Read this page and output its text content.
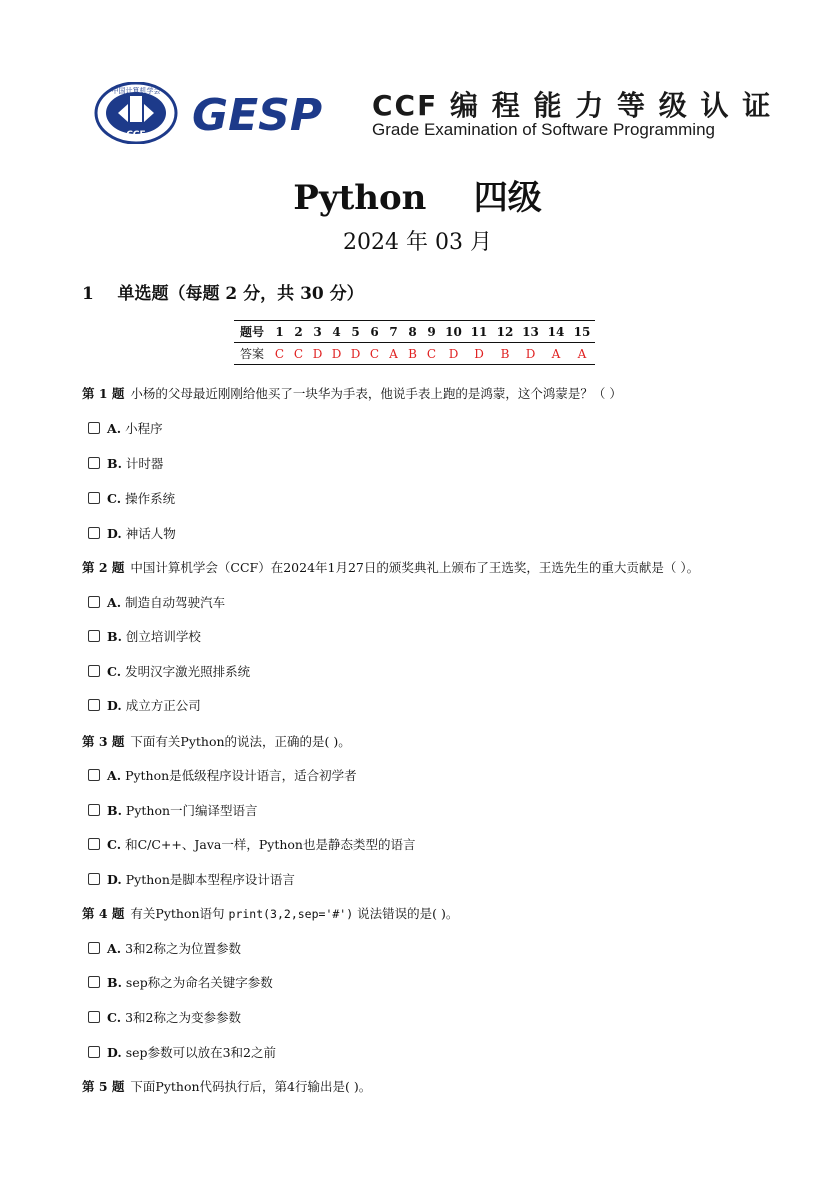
中国计算机学会
CCF GESP CCF 编 程 能 力 等 级 认 证
Grade Examination of Software Programming
Python    四级
2024 年 03 月
1    单选题（每题 2 分，共 30 分）
题号	1	2	3	4	5	6	7	8	9	10	11	12	13	14	15
答案	C	C	D	D	D	C	A	B	C	D	D	B	D	A	A
第 1 题 小杨的父母最近刚刚给他买了一块华为手表，他说手表上跑的是鸿蒙，这个鸿蒙是？（ ）
A. 小程序
B. 计时器
C. 操作系统
D. 神话人物
第 2 题 中国计算机学会（CCF）在2024年1月27日的颁奖典礼上颁布了王选奖，王选先生的重大贡献是（ ）。
A. 制造自动驾驶汽车
B. 创立培训学校
C. 发明汉字激光照排系统
D. 成立方正公司
第 3 题 下面有关Python的说法，正确的是( )。
A. Python是低级程序设计语言，适合初学者
B. Python一门编译型语言
C. 和C/C++、Java一样，Python也是静态类型的语言
D. Python是脚本型程序设计语言
第 4 题 有关Python语句 print(3,2,sep='#') 说法错误的是( )。
A. 3和2称之为位置参数
B. sep称之为命名关键字参数
C. 3和2称之为变参参数
D. sep参数可以放在3和2之前
第 5 题 下面Python代码执行后，第4行输出是( )。
